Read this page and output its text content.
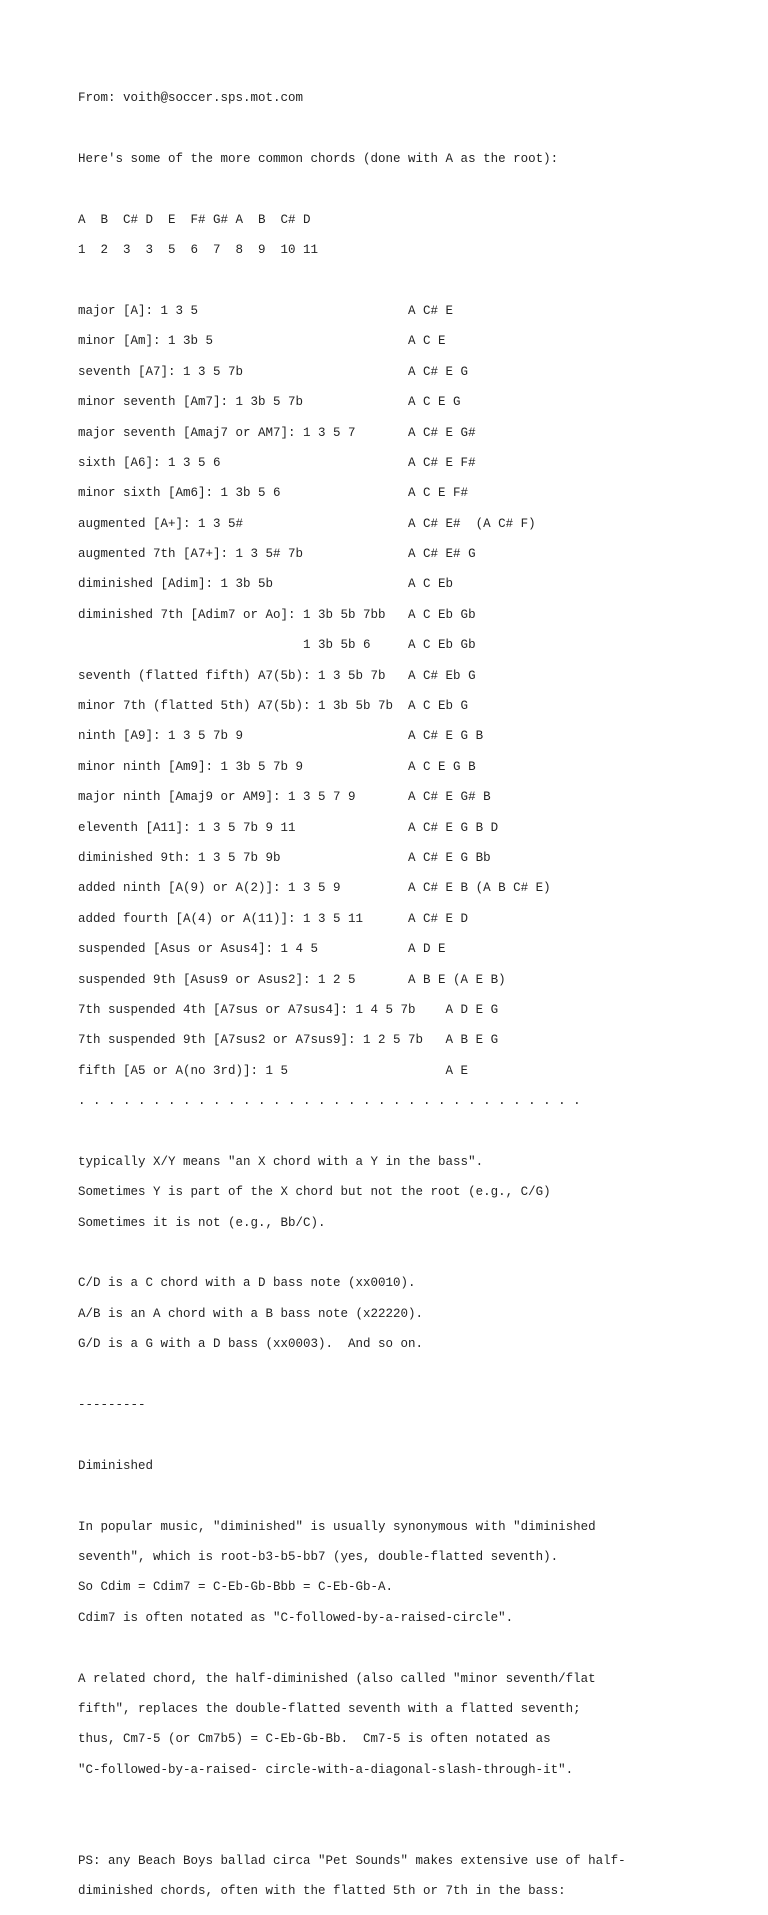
From: voith@soccer.sps.mot.com

Here's some of the more common chords (done with A as the root):

A  B  C# D  E  F# G# A  B  C# D

1  2  3  3  5  6  7  8  9  10 11

major [A]: 1 3 5                            A C# E

minor [Am]: 1 3b 5                          A C E

seventh [A7]: 1 3 5 7b                      A C# E G

minor seventh [Am7]: 1 3b 5 7b              A C E G

major seventh [Amaj7 or AM7]: 1 3 5 7       A C# E G#

sixth [A6]: 1 3 5 6                         A C# E F#

minor sixth [Am6]: 1 3b 5 6                 A C E F#

augmented [A+]: 1 3 5#                      A C# E#  (A C# F)

augmented 7th [A7+]: 1 3 5# 7b              A C# E# G

diminished [Adim]: 1 3b 5b                  A C Eb

diminished 7th [Adim7 or Ao]: 1 3b 5b 7bb   A C Eb Gb

1 3b 5b 6     A C Eb Gb

seventh (flatted fifth) A7(5b): 1 3 5b 7b   A C# Eb G

minor 7th (flatted 5th) A7(5b): 1 3b 5b 7b  A C Eb G

ninth [A9]: 1 3 5 7b 9                      A C# E G B

minor ninth [Am9]: 1 3b 5 7b 9              A C E G B

major ninth [Amaj9 or AM9]: 1 3 5 7 9       A C# E G# B

eleventh [A11]: 1 3 5 7b 9 11               A C# E G B D

diminished 9th: 1 3 5 7b 9b                 A C# E G Bb

added ninth [A(9) or A(2)]: 1 3 5 9         A C# E B (A B C# E)

added fourth [A(4) or A(11)]: 1 3 5 11      A C# E D

suspended [Asus or Asus4]: 1 4 5            A D E

suspended 9th [Asus9 or Asus2]: 1 2 5       A B E (A E B)

7th suspended 4th [A7sus or A7sus4]: 1 4 5 7b    A D E G

7th suspended 9th [A7sus2 or A7sus9]: 1 2 5 7b   A B E G

fifth [A5 or A(no 3rd)]: 1 5                     A E

. . . . . . . . . . . . . . . . . . . . . . . . . . . . . . . . . .

typically X/Y means "an X chord with a Y in the bass".

Sometimes Y is part of the X chord but not the root (e.g., C/G)

Sometimes it is not (e.g., Bb/C).

C/D is a C chord with a D bass note (xx0010).

A/B is an A chord with a B bass note (x22220).

G/D is a G with a D bass (xx0003).  And so on.

---------

Diminished

In popular music, "diminished" is usually synonymous with "diminished

seventh", which is root-b3-b5-bb7 (yes, double-flatted seventh).

So Cdim = Cdim7 = C-Eb-Gb-Bbb = C-Eb-Gb-A.

Cdim7 is often notated as "C-followed-by-a-raised-circle".

A related chord, the half-diminished (also called "minor seventh/flat

fifth", replaces the double-flatted seventh with a flatted seventh;

thus, Cm7-5 (or Cm7b5) = C-Eb-Gb-Bb.  Cm7-5 is often notated as

"C-followed-by-a-raised- circle-with-a-diagonal-slash-through-it".

PS: any Beach Boys ballad circa "Pet Sounds" makes extensive use of half-

diminished chords, often with the flatted 5th or 7th in the bass:
